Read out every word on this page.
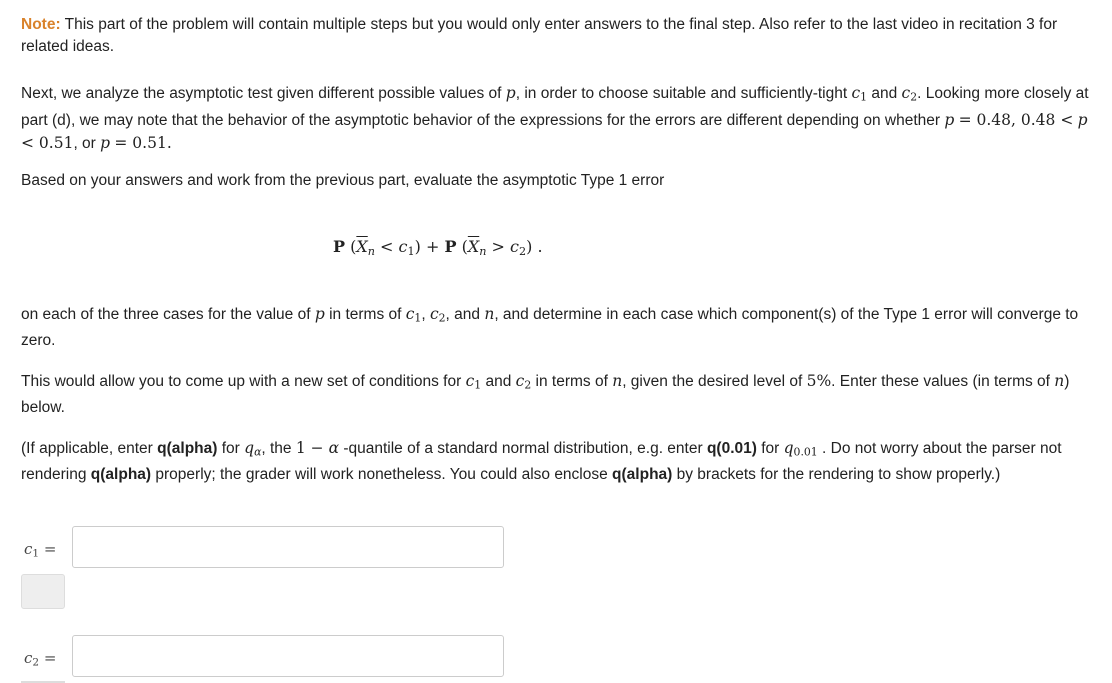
Note: This part of the problem will contain multiple steps but you would only enter answers to the final step. Also refer to the last video in recitation 3 for related ideas.

Next, we analyze the asymptotic test given different possible values of p, in order to choose suitable and sufficiently-tight $c_1$ and $c_2$. Looking more closely at part (d), we may note that the behavior of the asymptotic behavior of the expressions for the errors are different depending on whether p = 0.48, 0.48 < p < 0.51, or p = 0.51.

Based on your answers and work from the previous part, evaluate the asymptotic Type 1 error

P $(\overline{X}_n < c_1) + P$ $(\overline{X}_n > c_2)$ .

on each of the three cases for the value of p in terms of $c_1$, $c_2$, and n, and determine in each case which component(s) of the Type 1 error will converge to zero.

This would allow you to come up with a new set of conditions for $c_1$ and $c_2$ in terms of n, given the desired level of 5%. Enter these values (in terms of n) below.

(If applicable, enter q(alpha) for $q_\alpha$, the 1 − α -quantile of a standard normal distribution, e.g. enter q(0.01) for $q_{0.01}$ . Do not worry about the parser not rendering q(alpha) properly; the grader will work nonetheless. You could also enclose q(alpha) by brackets for the rendering to show properly.)

$c_1$ =
$c_2$ =
